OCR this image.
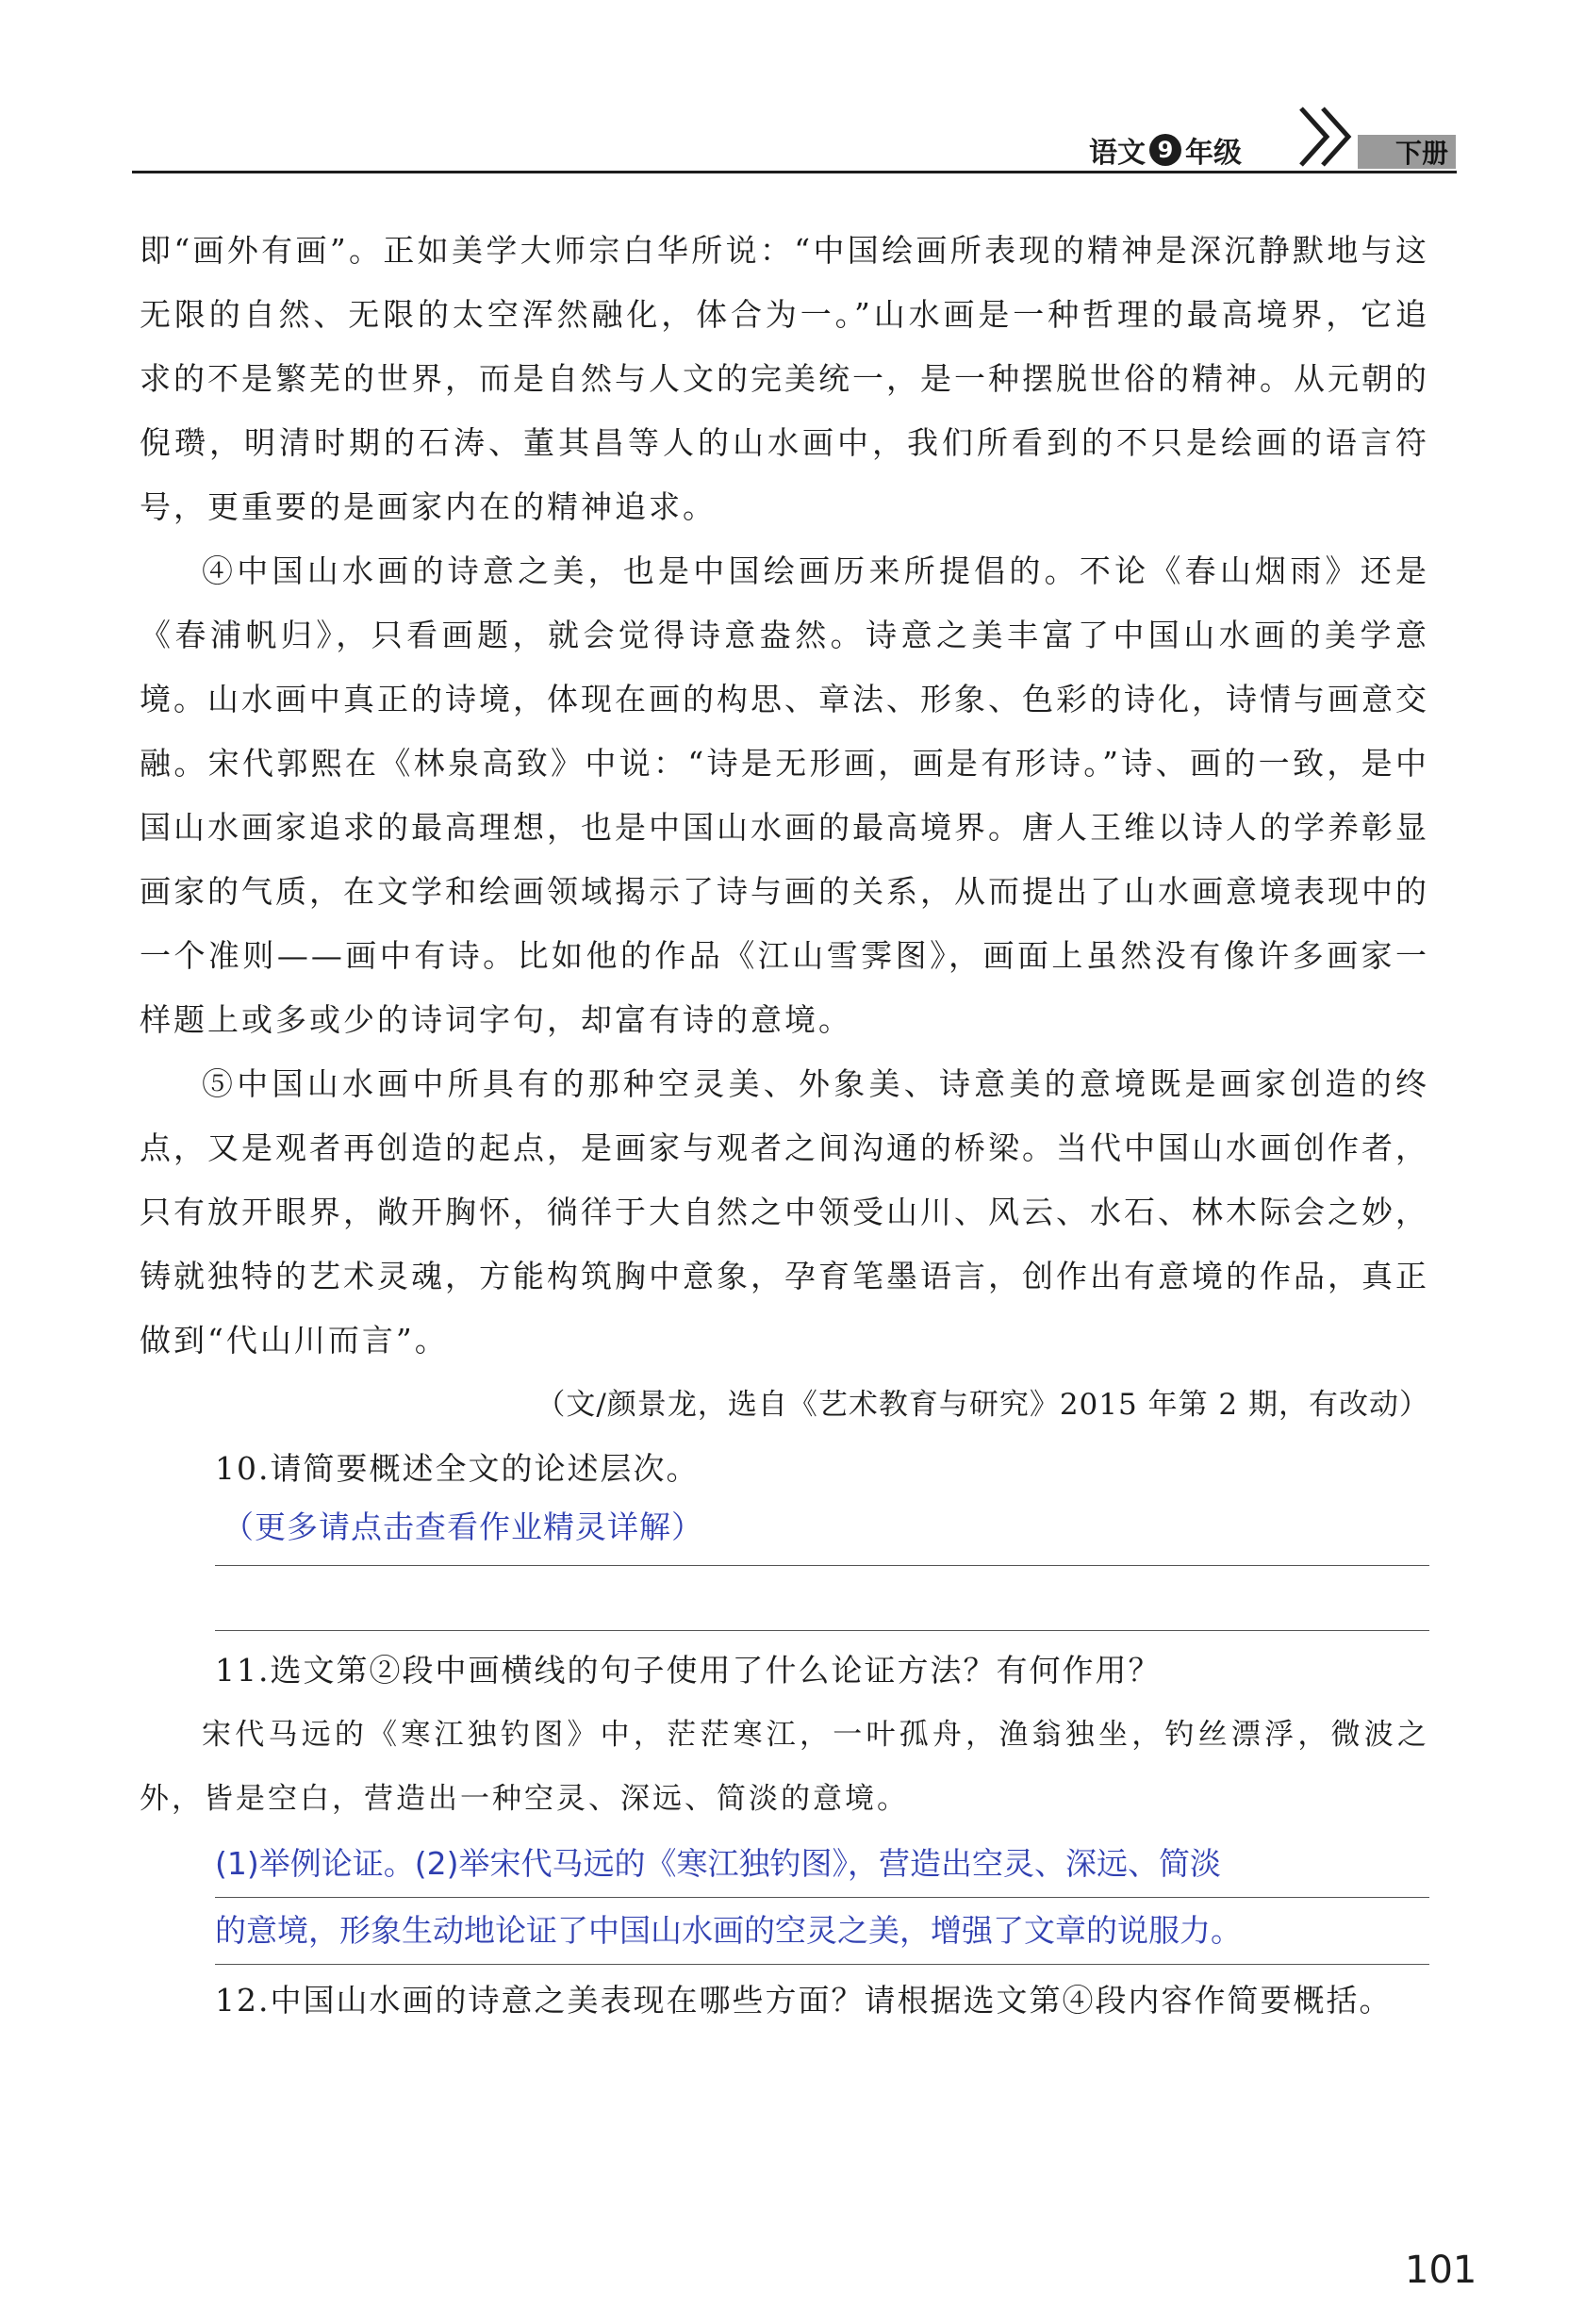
语文 9 年级	下册

即“画外有画”。正如美学大师宗白华所说：“中国绘画所表现的精神是深沉静默地与这无限的自然、无限的太空浑然融化，体合为一。”山水画是一种哲理的最高境界，它追求的不是繁芜的世界，而是自然与人文的完美统一，是一种摆脱世俗的精神。从元朝的倪瓒，明清时期的石涛、董其昌等人的山水画中，我们所看到的不只是绘画的语言符号，更重要的是画家内在的精神追求。

④中国山水画的诗意之美，也是中国绘画历来所提倡的。不论《春山烟雨》还是《春浦帆归》，只看画题，就会觉得诗意盎然。诗意之美丰富了中国山水画的美学意境。山水画中真正的诗境，体现在画的构思、章法、形象、色彩的诗化，诗情与画意交融。宋代郭熙在《林泉高致》中说：“诗是无形画，画是有形诗。”诗、画的一致，是中国山水画家追求的最高理想，也是中国山水画的最高境界。唐人王维以诗人的学养彰显画家的气质，在文学和绘画领域揭示了诗与画的关系，从而提出了山水画意境表现中的一个准则——画中有诗。比如他的作品《江山雪霁图》，画面上虽然没有像许多画家一样题上或多或少的诗词字句，却富有诗的意境。

⑤中国山水画中所具有的那种空灵美、外象美、诗意美的意境既是画家创造的终点，又是观者再创造的起点，是画家与观者之间沟通的桥梁。当代中国山水画创作者，只有放开眼界，敞开胸怀，徜徉于大自然之中领受山川、风云、水石、林木际会之妙，铸就独特的艺术灵魂，方能构筑胸中意象，孕育笔墨语言，创作出有意境的作品，真正做到“代山川而言”。

（文/颜景龙，选自《艺术教育与研究》2015 年第 2 期，有改动）

10.请简要概述全文的论述层次。

（更多请点击查看作业精灵详解）

11.选文第②段中画横线的句子使用了什么论证方法？有何作用？

宋代马远的《寒江独钓图》中，茫茫寒江，一叶孤舟，渔翁独坐，钓丝漂浮，微波之外，皆是空白，营造出一种空灵、深远、简淡的意境。

(1)举例论证。(2)举宋代马远的《寒江独钓图》，营造出空灵、深远、简淡
的意境，形象生动地论证了中国山水画的空灵之美，增强了文章的说服力。

12.中国山水画的诗意之美表现在哪些方面？请根据选文第④段内容作简要概括。

101
